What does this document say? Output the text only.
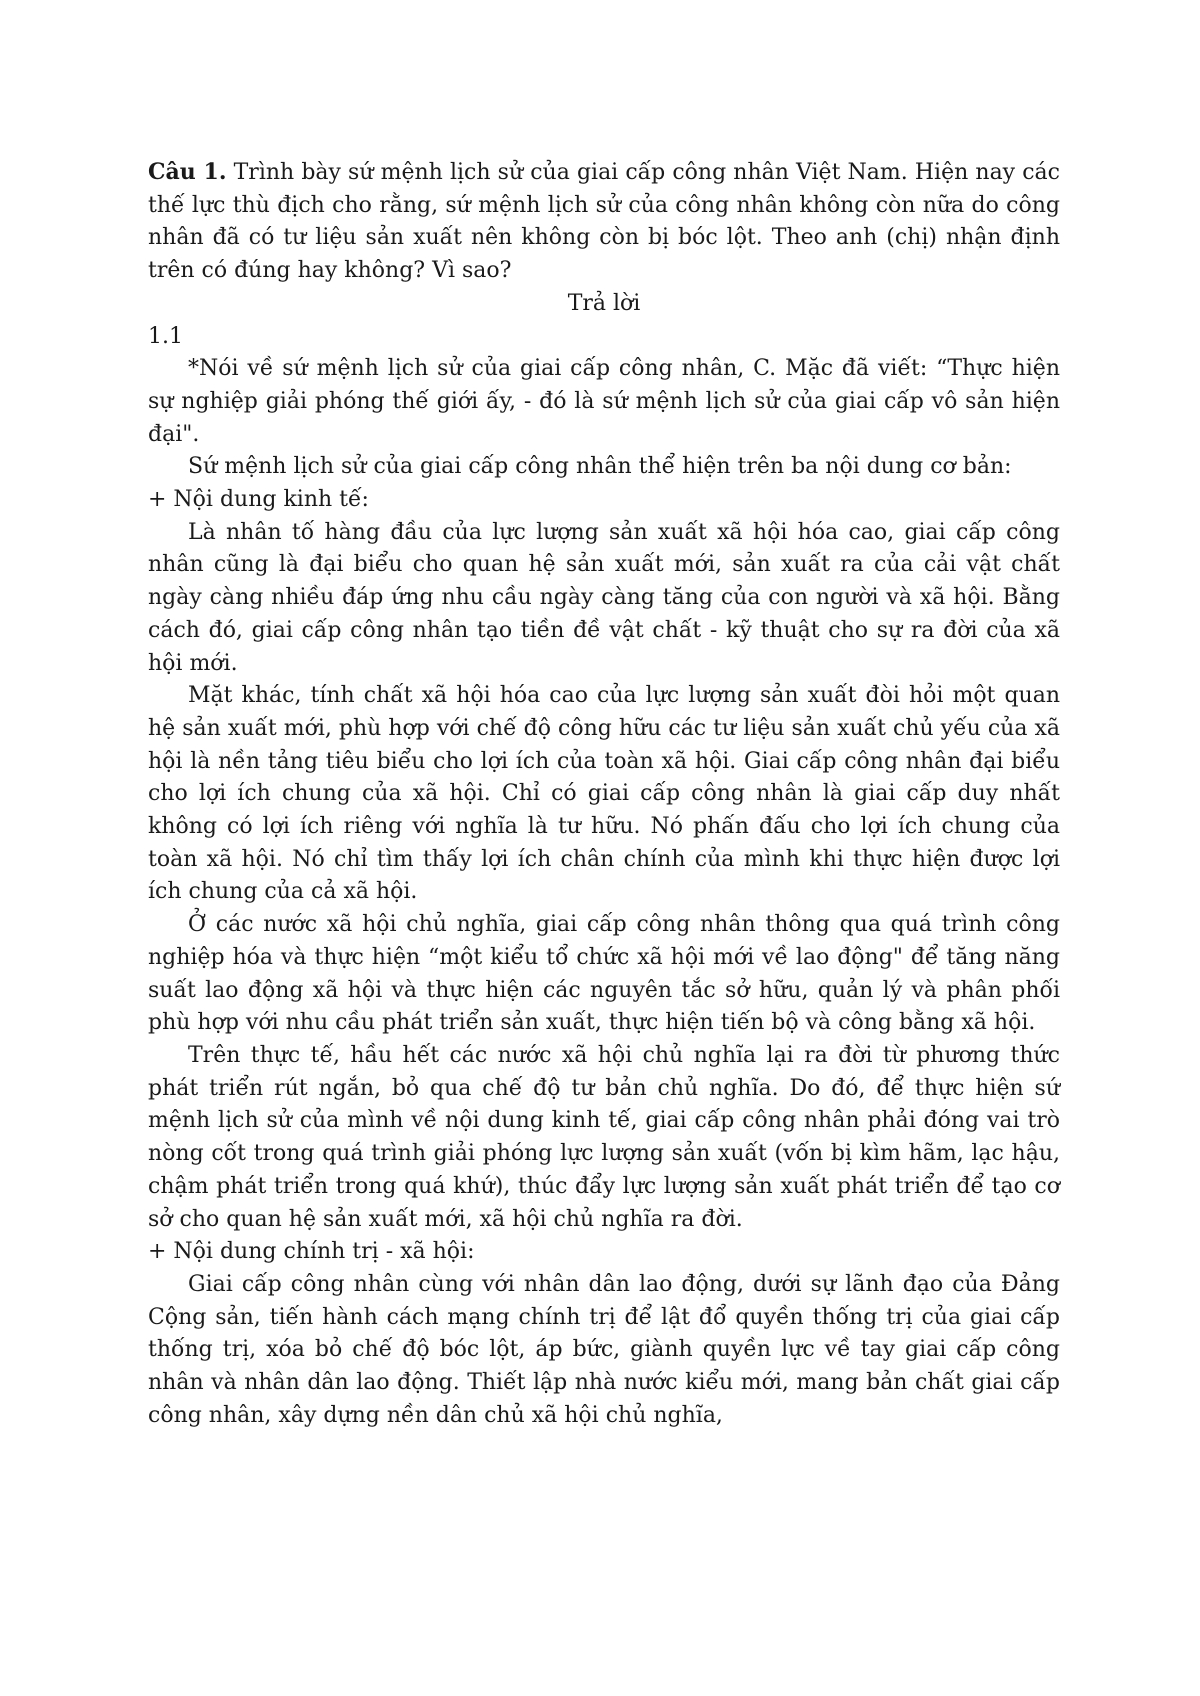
Câu 1. Trình bày sứ mệnh lịch sử của giai cấp công nhân Việt Nam. Hiện nay các thế lực thù địch cho rằng, sứ mệnh lịch sử của công nhân không còn nữa do công nhân đã có tư liệu sản xuất nên không còn bị bóc lột. Theo anh (chị) nhận định trên có đúng hay không? Vì sao?

Trả lời

1.1

*Nói về sứ mệnh lịch sử của giai cấp công nhân, C. Mặc đã viết: “Thực hiện sự nghiệp giải phóng thế giới ấy, - đó là sứ mệnh lịch sử của giai cấp vô sản hiện đại".

Sứ mệnh lịch sử của giai cấp công nhân thể hiện trên ba nội dung cơ bản:

+ Nội dung kinh tế:

Là nhân tố hàng đầu của lực lượng sản xuất xã hội hóa cao, giai cấp công nhân cũng là đại biểu cho quan hệ sản xuất mới, sản xuất ra của cải vật chất ngày càng nhiều đáp ứng nhu cầu ngày càng tăng của con người và xã hội. Bằng cách đó, giai cấp công nhân tạo tiền đề vật chất - kỹ thuật cho sự ra đời của xã hội mới.

Mặt khác, tính chất xã hội hóa cao của lực lượng sản xuất đòi hỏi một quan hệ sản xuất mới, phù hợp với chế độ công hữu các tư liệu sản xuất chủ yếu của xã hội là nền tảng tiêu biểu cho lợi ích của toàn xã hội. Giai cấp công nhân đại biểu cho lợi ích chung của xã hội. Chỉ có giai cấp công nhân là giai cấp duy nhất không có lợi ích riêng với nghĩa là tư hữu. Nó phấn đấu cho lợi ích chung của toàn xã hội. Nó chỉ tìm thấy lợi ích chân chính của mình khi thực hiện được lợi ích chung của cả xã hội.

Ở các nước xã hội chủ nghĩa, giai cấp công nhân thông qua quá trình công nghiệp hóa và thực hiện “một kiểu tổ chức xã hội mới về lao động" để tăng năng suất lao động xã hội và thực hiện các nguyên tắc sở hữu, quản lý và phân phối phù hợp với nhu cầu phát triển sản xuất, thực hiện tiến bộ và công bằng xã hội.

Trên thực tế, hầu hết các nước xã hội chủ nghĩa lại ra đời từ phương thức phát triển rút ngắn, bỏ qua chế độ tư bản chủ nghĩa. Do đó, để thực hiện sứ mệnh lịch sử của mình về nội dung kinh tế, giai cấp công nhân phải đóng vai trò nòng cốt trong quá trình giải phóng lực lượng sản xuất (vốn bị kìm hãm, lạc hậu, chậm phát triển trong quá khứ), thúc đẩy lực lượng sản xuất phát triển để tạo cơ sở cho quan hệ sản xuất mới, xã hội chủ nghĩa ra đời.

+ Nội dung chính trị - xã hội:

Giai cấp công nhân cùng với nhân dân lao động, dưới sự lãnh đạo của Đảng Cộng sản, tiến hành cách mạng chính trị để lật đổ quyền thống trị của giai cấp thống trị, xóa bỏ chế độ bóc lột, áp bức, giành quyền lực về tay giai cấp công nhân và nhân dân lao động. Thiết lập nhà nước kiểu mới, mang bản chất giai cấp công nhân, xây dựng nền dân chủ xã hội chủ nghĩa,
